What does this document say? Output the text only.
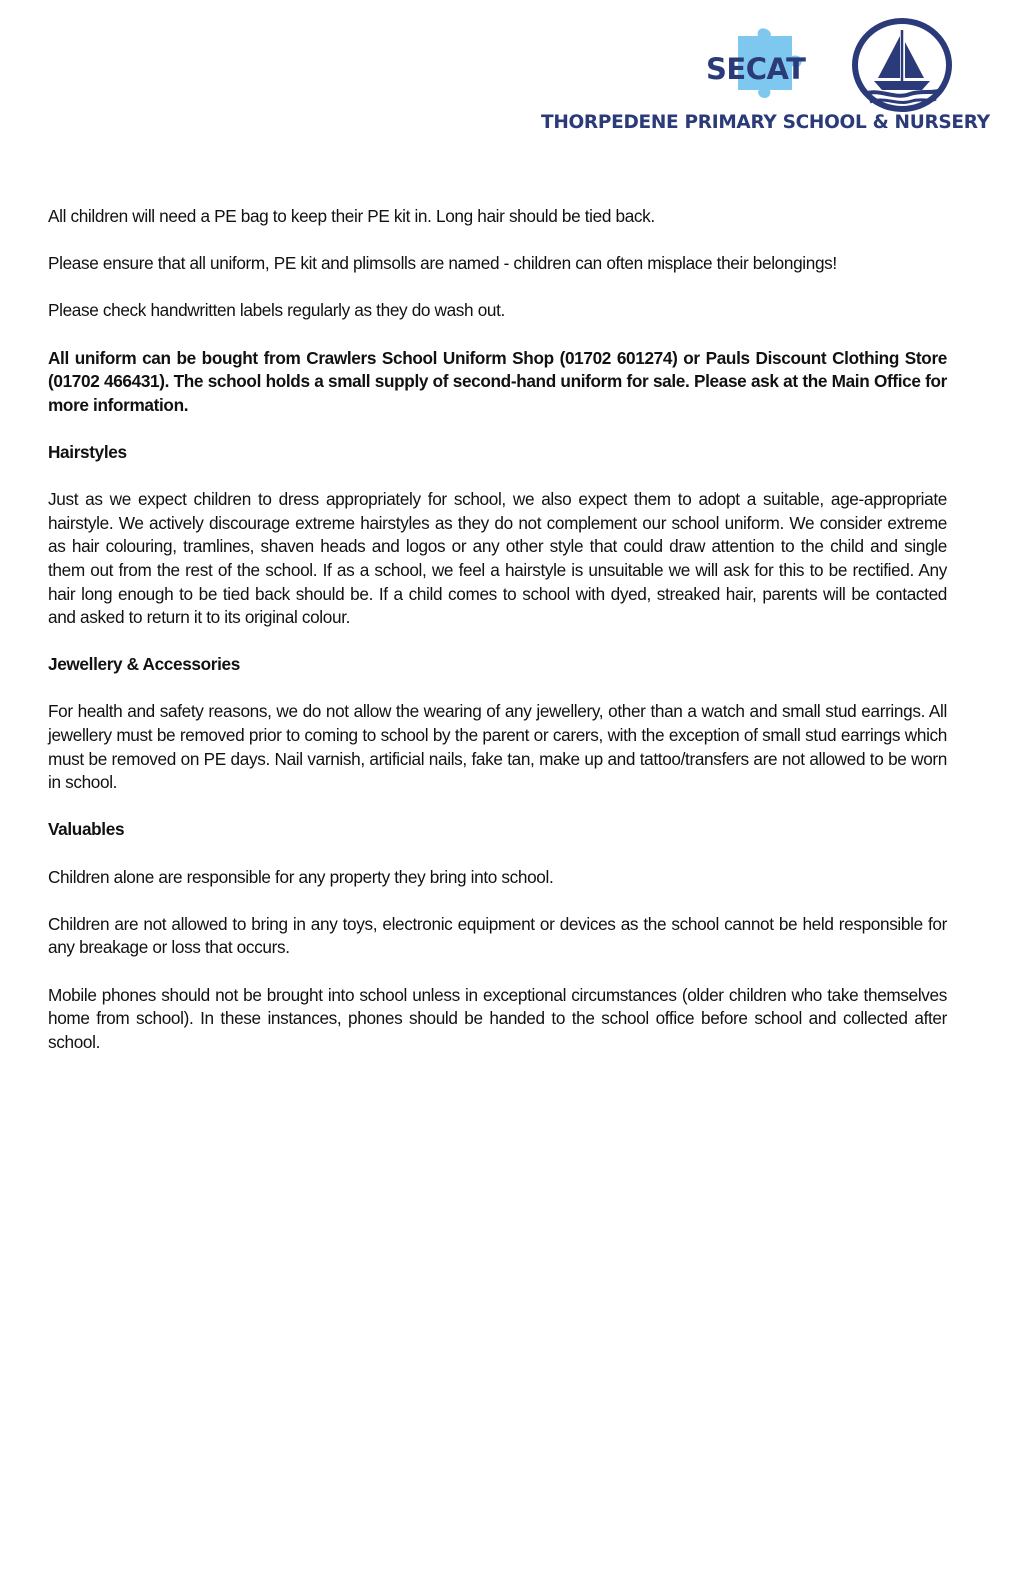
SECAT
THORPEDENE PRIMARY SCHOOL & NURSERY

All children will need a PE bag to keep their PE kit in. Long hair should be tied back.

Please ensure that all uniform, PE kit and plimsolls are named - children can often misplace their belongings!

Please check handwritten labels regularly as they do wash out.

All uniform can be bought from Crawlers School Uniform Shop (01702 601274) or Pauls Discount Clothing Store (01702 466431). The school holds a small supply of second-hand uniform for sale. Please ask at the Main Office for more information.

Hairstyles

Just as we expect children to dress appropriately for school, we also expect them to adopt a suitable, age-appropriate hairstyle. We actively discourage extreme hairstyles as they do not complement our school uniform. We consider extreme as hair colouring, tramlines, shaven heads and logos or any other style that could draw attention to the child and single them out from the rest of the school. If as a school, we feel a hairstyle is unsuitable we will ask for this to be rectified. Any hair long enough to be tied back should be. If a child comes to school with dyed, streaked hair, parents will be contacted and asked to return it to its original colour.

Jewellery & Accessories

For health and safety reasons, we do not allow the wearing of any jewellery, other than a watch and small stud earrings. All jewellery must be removed prior to coming to school by the parent or carers, with the exception of small stud earrings which must be removed on PE days. Nail varnish, artificial nails, fake tan, make up and tattoo/transfers are not allowed to be worn in school.

Valuables

Children alone are responsible for any property they bring into school.

Children are not allowed to bring in any toys, electronic equipment or devices as the school cannot be held responsible for any breakage or loss that occurs.

Mobile phones should not be brought into school unless in exceptional circumstances (older children who take themselves home from school). In these instances, phones should be handed to the school office before school and collected after school.
